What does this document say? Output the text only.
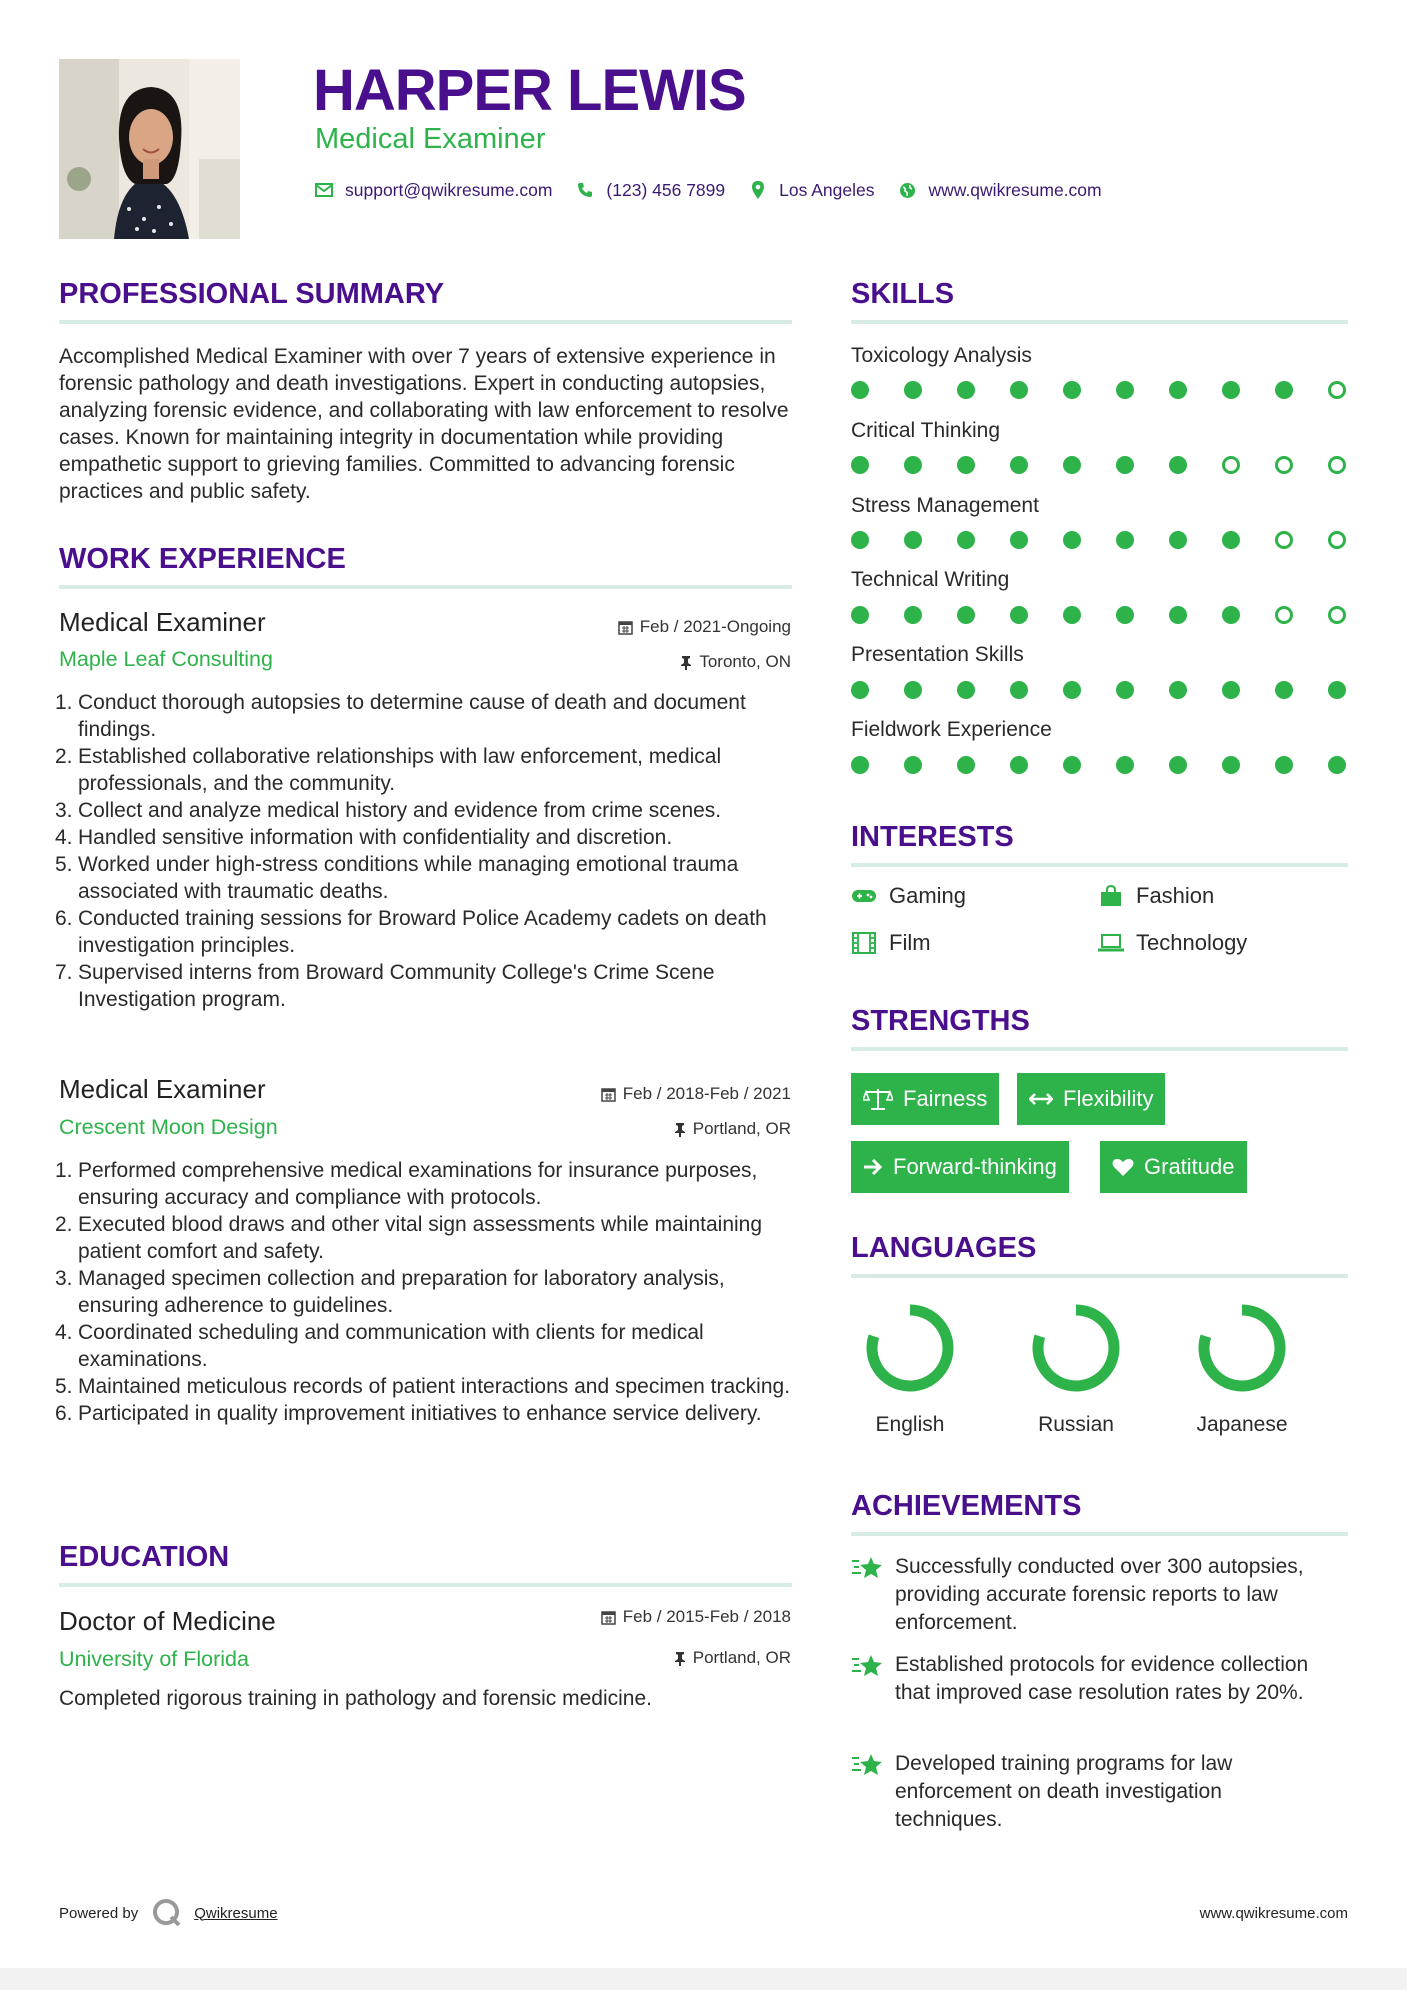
HARPER LEWIS
Medical Examiner
support@qwikresume.com	(123) 456 7899	Los Angeles	www.qwikresume.com
PROFESSIONAL SUMMARY
Accomplished Medical Examiner with over 7 years of extensive experience in forensic pathology and death investigations. Expert in conducting autopsies, analyzing forensic evidence, and collaborating with law enforcement to resolve cases. Known for maintaining integrity in documentation while providing empathetic support to grieving families. Committed to advancing forensic practices and public safety.
WORK EXPERIENCE
Medical Examiner	Feb / 2021-Ongoing
Maple Leaf Consulting	Toronto, ON
1. Conduct thorough autopsies to determine cause of death and document findings.
2. Established collaborative relationships with law enforcement, medical professionals, and the community.
3. Collect and analyze medical history and evidence from crime scenes.
4. Handled sensitive information with confidentiality and discretion.
5. Worked under high-stress conditions while managing emotional trauma associated with traumatic deaths.
6. Conducted training sessions for Broward Police Academy cadets on death investigation principles.
7. Supervised interns from Broward Community College's Crime Scene Investigation program.
Medical Examiner	Feb / 2018-Feb / 2021
Crescent Moon Design	Portland, OR
1. Performed comprehensive medical examinations for insurance purposes, ensuring accuracy and compliance with protocols.
2. Executed blood draws and other vital sign assessments while maintaining patient comfort and safety.
3. Managed specimen collection and preparation for laboratory analysis, ensuring adherence to guidelines.
4. Coordinated scheduling and communication with clients for medical examinations.
5. Maintained meticulous records of patient interactions and specimen tracking.
6. Participated in quality improvement initiatives to enhance service delivery.
EDUCATION
Doctor of Medicine	Feb / 2015-Feb / 2018
University of Florida	Portland, OR
Completed rigorous training in pathology and forensic medicine.
SKILLS
Toxicology Analysis
Critical Thinking
Stress Management
Technical Writing
Presentation Skills
Fieldwork Experience
INTERESTS
Gaming	Fashion
Film	Technology
STRENGTHS
Fairness	Flexibility
Forward-thinking	Gratitude
LANGUAGES
English	Russian	Japanese
ACHIEVEMENTS
Successfully conducted over 300 autopsies, providing accurate forensic reports to law enforcement.
Established protocols for evidence collection that improved case resolution rates by 20%.
Developed training programs for law enforcement on death investigation techniques.
Powered by	Qwikresume	www.qwikresume.com
